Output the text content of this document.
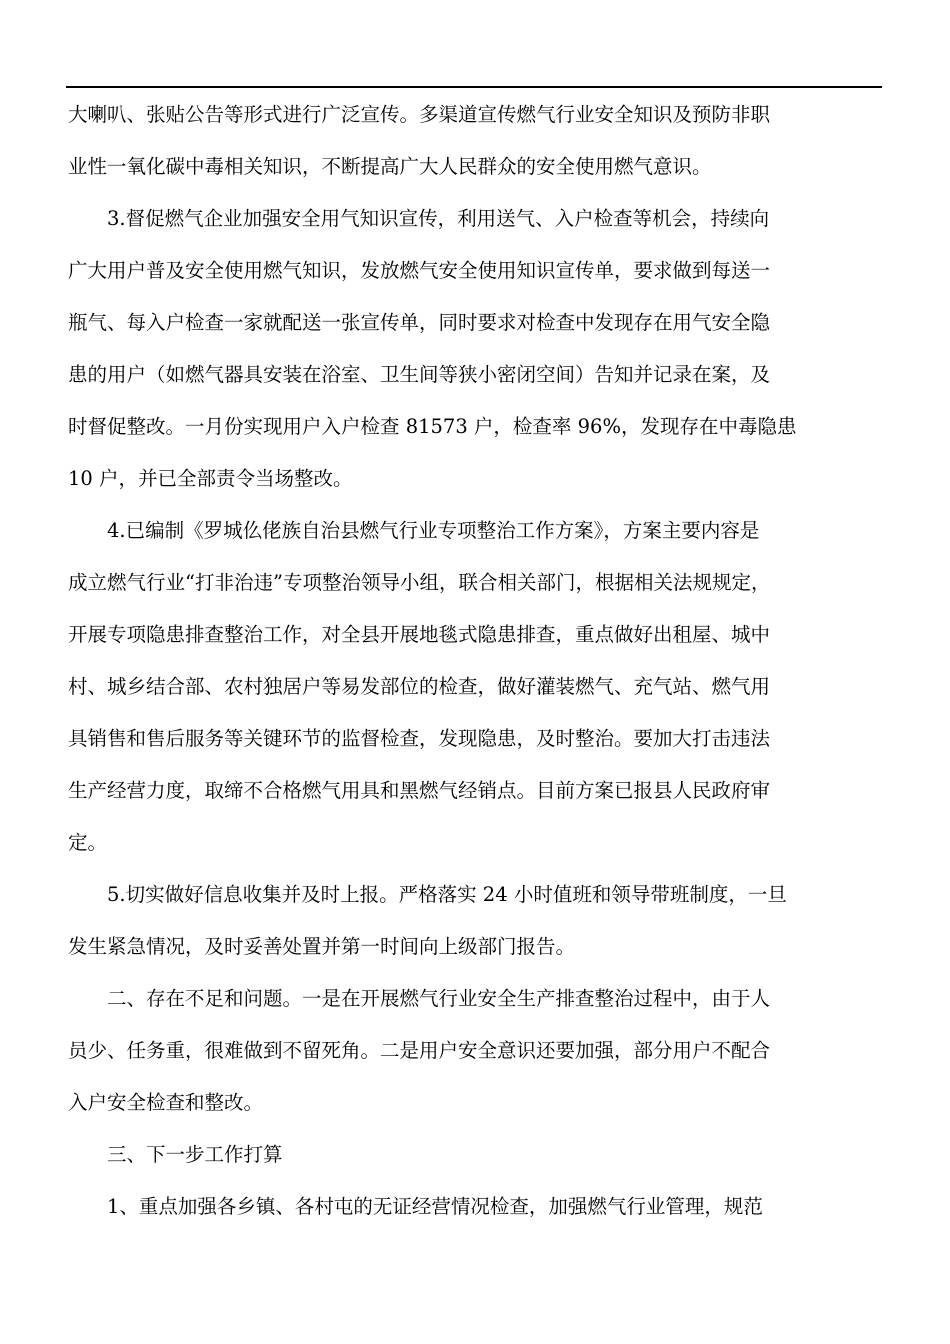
大喇叭、张贴公告等形式进行广泛宣传。多渠道宣传燃气行业安全知识及预防非职
业性一氧化碳中毒相关知识，不断提高广大人民群众的安全使用燃气意识。

3.督促燃气企业加强安全用气知识宣传，利用送气、入户检查等机会，持续向
广大用户普及安全使用燃气知识，发放燃气安全使用知识宣传单，要求做到每送一
瓶气、每入户检查一家就配送一张宣传单，同时要求对检查中发现存在用气安全隐
患的用户（如燃气器具安装在浴室、卫生间等狭小密闭空间）告知并记录在案，及
时督促整改。一月份实现用户入户检查 81573 户，检查率 96%，发现存在中毒隐患
10 户，并已全部责令当场整改。

4.已编制《罗城仫佬族自治县燃气行业专项整治工作方案》，方案主要内容是
成立燃气行业“打非治违”专项整治领导小组，联合相关部门，根据相关法规规定，
开展专项隐患排查整治工作，对全县开展地毯式隐患排查，重点做好出租屋、城中
村、城乡结合部、农村独居户等易发部位的检查，做好灌装燃气、充气站、燃气用
具销售和售后服务等关键环节的监督检查，发现隐患，及时整治。要加大打击违法
生产经营力度，取缔不合格燃气用具和黑燃气经销点。目前方案已报县人民政府审
定。

5.切实做好信息收集并及时上报。严格落实 24 小时值班和领导带班制度，一旦
发生紧急情况，及时妥善处置并第一时间向上级部门报告。

二、存在不足和问题。一是在开展燃气行业安全生产排查整治过程中，由于人
员少、任务重，很难做到不留死角。二是用户安全意识还要加强，部分用户不配合
入户安全检查和整改。

三、下一步工作打算

1、重点加强各乡镇、各村屯的无证经营情况检查，加强燃气行业管理，规范
